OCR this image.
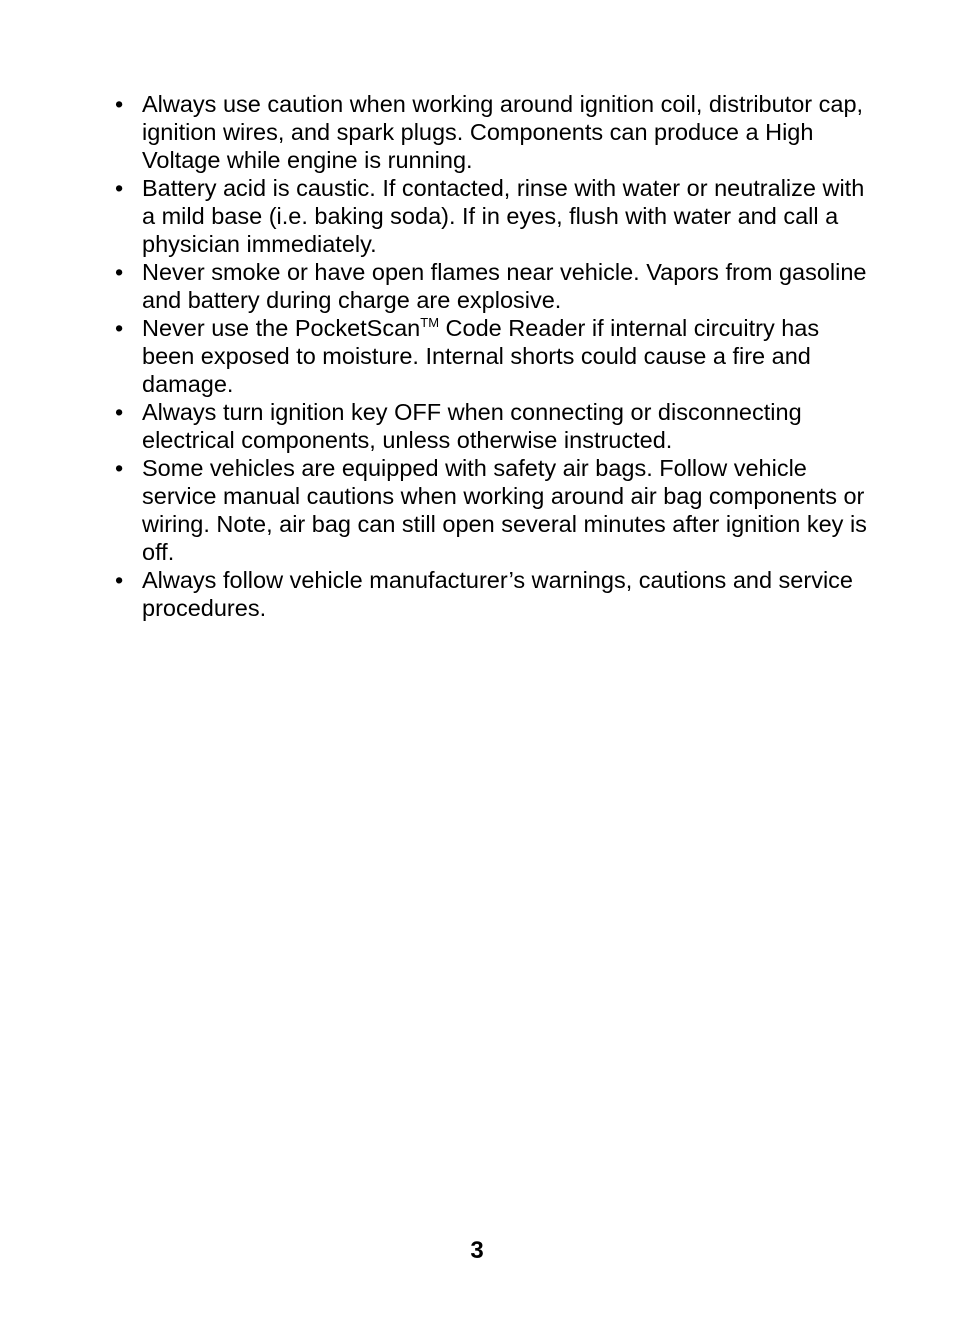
• Always use caution when working around ignition coil, distributor cap, ignition wires, and spark plugs. Components can produce a High Voltage while engine is running.
• Battery acid is caustic. If contacted, rinse with water or neutralize with a mild base (i.e. baking soda). If in eyes, flush with water and call a physician immediately.
• Never smoke or have open flames near vehicle. Vapors from gasoline and battery during charge are explosive.
• Never use the PocketScan™ Code Reader if internal circuitry has been exposed to moisture. Internal shorts could cause a fire and damage.
• Always turn ignition key OFF when connecting or disconnecting electrical components, unless otherwise instructed.
• Some vehicles are equipped with safety air bags. Follow vehicle service manual cautions when working around air bag components or wiring. Note, air bag can still open several minutes after ignition key is off.
• Always follow vehicle manufacturer’s warnings, cautions and service procedures.
3
